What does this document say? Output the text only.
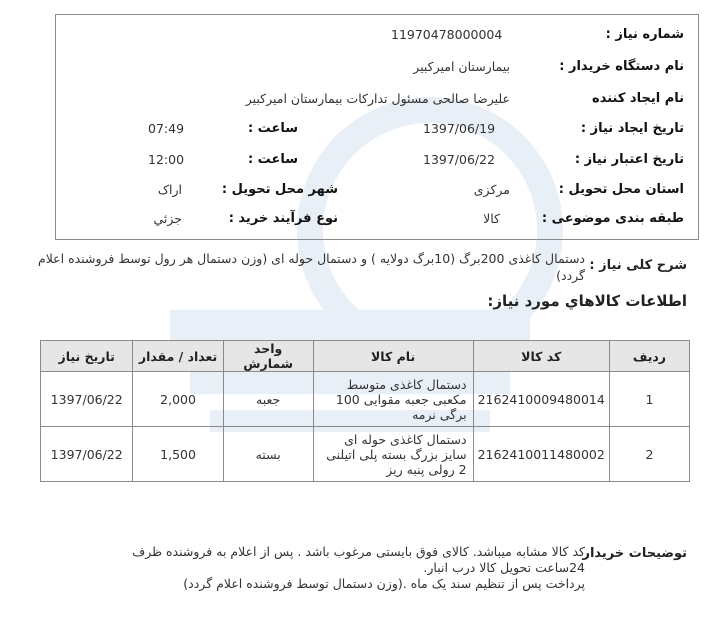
شماره نیاز :
11970478000004
نام دستگاه خریدار :
بیمارستان امیرکبیر
نام ایجاد کننده
علیرضا صالحی مسئول تداركات بیمارستان امیركبیر
تاریخ ایجاد نیاز :
1397/06/19
ساعت :
07:49
تاریخ اعتبار نیاز :
1397/06/22
ساعت :
12:00
استان محل تحویل :
مرکزی
شهر محل تحویل :
اراک
طبقه بندی موضوعی :
کالا
نوع فرآیند خرید :
جزئي
شرح کلی نیاز :
دستمال کاغذی 200برگ (10برگ دولایه ) و دستمال حوله ای (وزن دستمال هر رول توسط فروشنده اعلام گردد)
اطلاعات كالاهاي مورد نياز:
ردیف	کد کالا	نام کالا	واحد شمارش	تعداد / مقدار	تاریخ نیاز
1	2162410009480014	دستمال کاغذی متوسط مکعبی جعبه مقوایی 100 برگی نرمه	جعبه	2,000	1397/06/22
2	2162410011480002	دستمال کاغذی حوله ای سایز بزرگ بسته پلی اتیلنی 2 رولی پنبه ریز	بسته	1,500	1397/06/22
توضیحات خریدار
کد کالا مشابه میباشد. کالای فوق بایستی مرغوب باشد . پس از اعلام به فروشنده ظرف
24ساعت تحویل کالا درب انبار.
پرداخت پس از تنظیم سند یک ماه .(وزن دستمال توسط فروشنده اعلام گردد)
